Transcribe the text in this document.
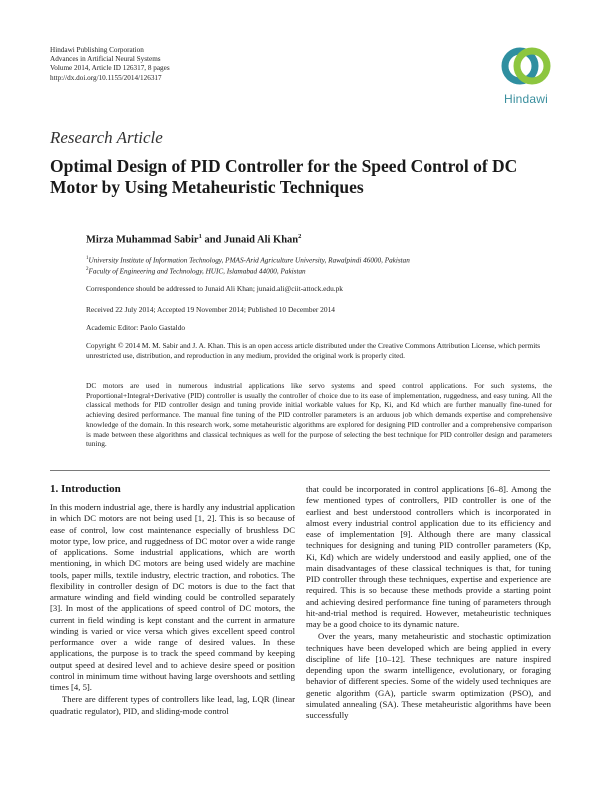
Hindawi Publishing Corporation
Advances in Artificial Neural Systems
Volume 2014, Article ID 126317, 8 pages
http://dx.doi.org/10.1155/2014/126317
Hindawi
Research Article
Optimal Design of PID Controller for the Speed Control of DC Motor by Using Metaheuristic Techniques
Mirza Muhammad Sabir$^1$ and Junaid Ali Khan$^2$
$^1$University Institute of Information Technology, PMAS-Arid Agriculture University, Rawalpindi 46000, Pakistan
$^2$Faculty of Engineering and Technology, HUIC, Islamabad 44000, Pakistan
Correspondence should be addressed to Junaid Ali Khan; junaid.ali@ciit-attock.edu.pk
Received 22 July 2014; Accepted 19 November 2014; Published 10 December 2014
Academic Editor: Paolo Gastaldo
Copyright © 2014 M. M. Sabir and J. A. Khan. This is an open access article distributed under the Creative Commons Attribution License, which permits unrestricted use, distribution, and reproduction in any medium, provided the original work is properly cited.
DC motors are used in numerous industrial applications like servo systems and speed control applications. For such systems, the Proportional+Integral+Derivative (PID) controller is usually the controller of choice due to its ease of implementation, ruggedness, and easy tuning. All the classical methods for PID controller design and tuning provide initial workable values for Kp, Ki, and Kd which are further manually fine-tuned for achieving desired performance. The manual fine tuning of the PID controller parameters is an arduous job which demands expertise and comprehensive knowledge of the domain. In this research work, some metaheuristic algorithms are explored for designing PID controller and a comprehensive comparison is made between these algorithms and classical techniques as well for the purpose of selecting the best technique for PID controller design and parameters tuning.
1. Introduction

In this modern industrial age, there is hardly any industrial application in which DC motors are not being used [1, 2]. This is so because of ease of control, low cost maintenance especially of brushless DC motor type, low price, and ruggedness of DC motor over a wide range of applications. Some industrial applications, which are worth mentioning, in which DC motors are being used widely are machine tools, paper mills, textile industry, electric traction, and robotics. The flexibility in controller design of DC motors is due to the fact that armature winding and field winding could be controlled separately [3]. In most of the applications of speed control of DC motors, the current in field winding is kept constant and the current in armature winding is varied or vice versa which gives excellent speed control performance over a wide range of desired values. In these applications, the purpose is to track the speed command by keeping output speed at desired level and to achieve desire speed or position control in minimum time without having large overshoots and settling times [4, 5].

There are different types of controllers like lead, lag, LQR (linear quadratic regulator), PID, and sliding-mode control

that could be incorporated in control applications [6–8]. Among the few mentioned types of controllers, PID controller is one of the earliest and best understood controllers which is incorporated in almost every industrial control application due to its efficiency and ease of implementation [9]. Although there are many classical techniques for designing and tuning PID controller parameters (Kp, Ki, Kd) which are widely understood and easily applied, one of the main disadvantages of these classical techniques is that, for tuning PID controller through these techniques, expertise and experience are required. This is so because these methods provide a starting point and achieving desired performance fine tuning of parameters through hit-and-trial method is required. However, metaheuristic techniques may be a good choice to its dynamic nature.

Over the years, many metaheuristic and stochastic optimization techniques have been developed which are being applied in every discipline of life [10–12]. These techniques are nature inspired depending upon the swarm intelligence, evolutionary, or foraging behavior of different species. Some of the widely used techniques are genetic algorithm (GA), particle swarm optimization (PSO), and simulated annealing (SA). These metaheuristic algorithms have been successfully
